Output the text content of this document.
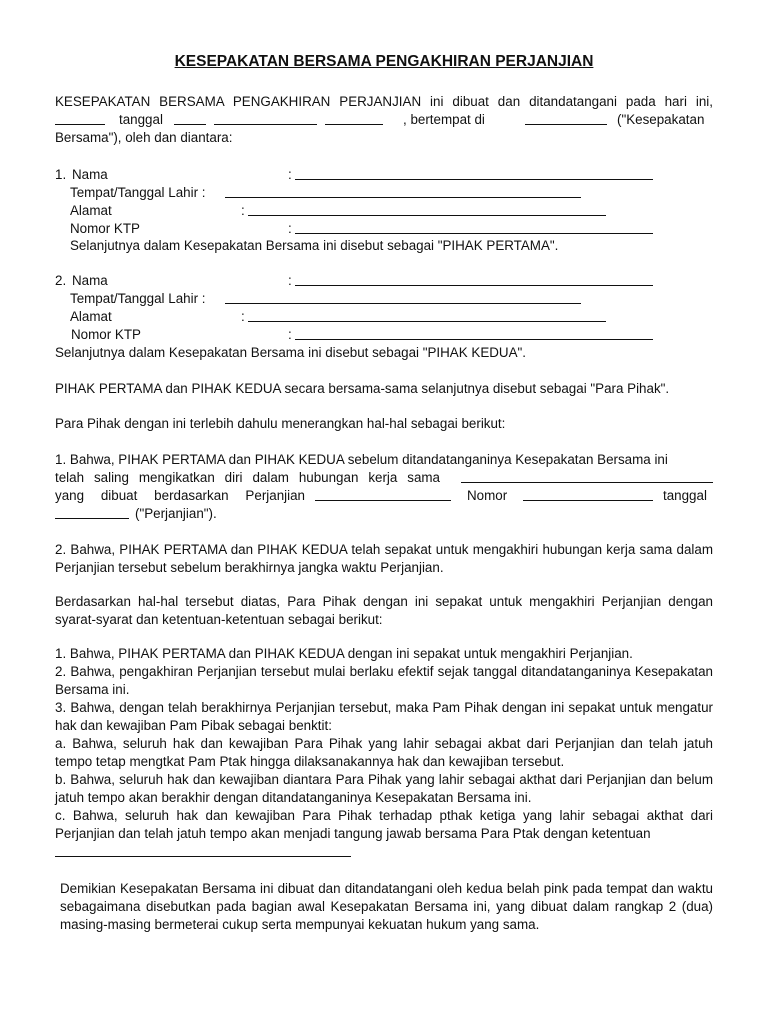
KESEPAKATAN BERSAMA PENGAKHIRAN PERJANJIAN
KESEPAKATAN BERSAMA PENGAKHIRAN PERJANJIAN ini dibuat dan ditandatangani pada hari ini,
tanggal	, bertempat di	("Kesepakatan
Bersama"), oleh dan diantara:
1. Nama	:
Tempat/Tanggal Lahir :
Alamat	:
Nomor KTP	:
Selanjutnya dalam Kesepakatan Bersama ini disebut sebagai "PIHAK PERTAMA".
2. Nama	:
Tempat/Tanggal Lahir :
Alamat	:
Nomor KTP	:
Selanjutnya dalam Kesepakatan Bersama ini disebut sebagai "PIHAK KEDUA".
PIHAK PERTAMA dan PIHAK KEDUA secara bersama-sama selanjutnya disebut sebagai "Para Pihak".
Para Pihak dengan ini terlebih dahulu menerangkan hal-hal sebagai berikut:
1. Bahwa, PIHAK PERTAMA dan PIHAK KEDUA sebelum ditandatanganinya Kesepakatan Bersama ini
telah saling mengikatkan diri dalam hubungan kerja sama
yang dibuat berdasarkan Perjanjian	Nomor	tanggal
("Perjanjian").
2. Bahwa, PIHAK PERTAMA dan PIHAK KEDUA telah sepakat untuk mengakhiri hubungan kerja sama dalam Perjanjian tersebut sebelum berakhirnya jangka waktu Perjanjian.
Berdasarkan hal-hal tersebut diatas, Para Pihak dengan ini sepakat untuk mengakhiri Perjanjian dengan syarat-syarat dan ketentuan-ketentuan sebagai berikut:
1. Bahwa, PIHAK PERTAMA dan PIHAK KEDUA dengan ini sepakat untuk mengakhiri Perjanjian.
2. Bahwa, pengakhiran Perjanjian tersebut mulai berlaku efektif sejak tanggal ditandatanganinya Kesepakatan Bersama ini.
3. Bahwa, dengan telah berakhirnya Perjanjian tersebut, maka Pam Pihak dengan ini sepakat untuk mengatur hak dan kewajiban Pam Pibak sebagai benktit:
a. Bahwa, seluruh hak dan kewajiban Para Pihak yang lahir sebagai akbat dari Perjanjian dan telah jatuh tempo tetap mengtkat Pam Ptak hingga dilaksanakannya hak dan kewajiban tersebut.
b. Bahwa, seluruh hak dan kewajiban diantara Para Pihak yang lahir sebagai akthat dari Perjanjian dan belum jatuh tempo akan berakhir dengan ditandatanganinya Kesepakatan Bersama ini.
c. Bahwa, seluruh hak dan kewajiban Para Pihak terhadap pthak ketiga yang lahir sebagai akthat dari Perjanjian dan telah jatuh tempo akan menjadi tangung jawab bersama Para Ptak dengan ketentuan
Demikian Kesepakatan Bersama ini dibuat dan ditandatangani oleh kedua belah pink pada tempat dan waktu sebagaimana disebutkan pada bagian awal Kesepakatan Bersama ini, yang dibuat dalam rangkap 2 (dua) masing-masing bermeterai cukup serta mempunyai kekuatan hukum yang sama.
